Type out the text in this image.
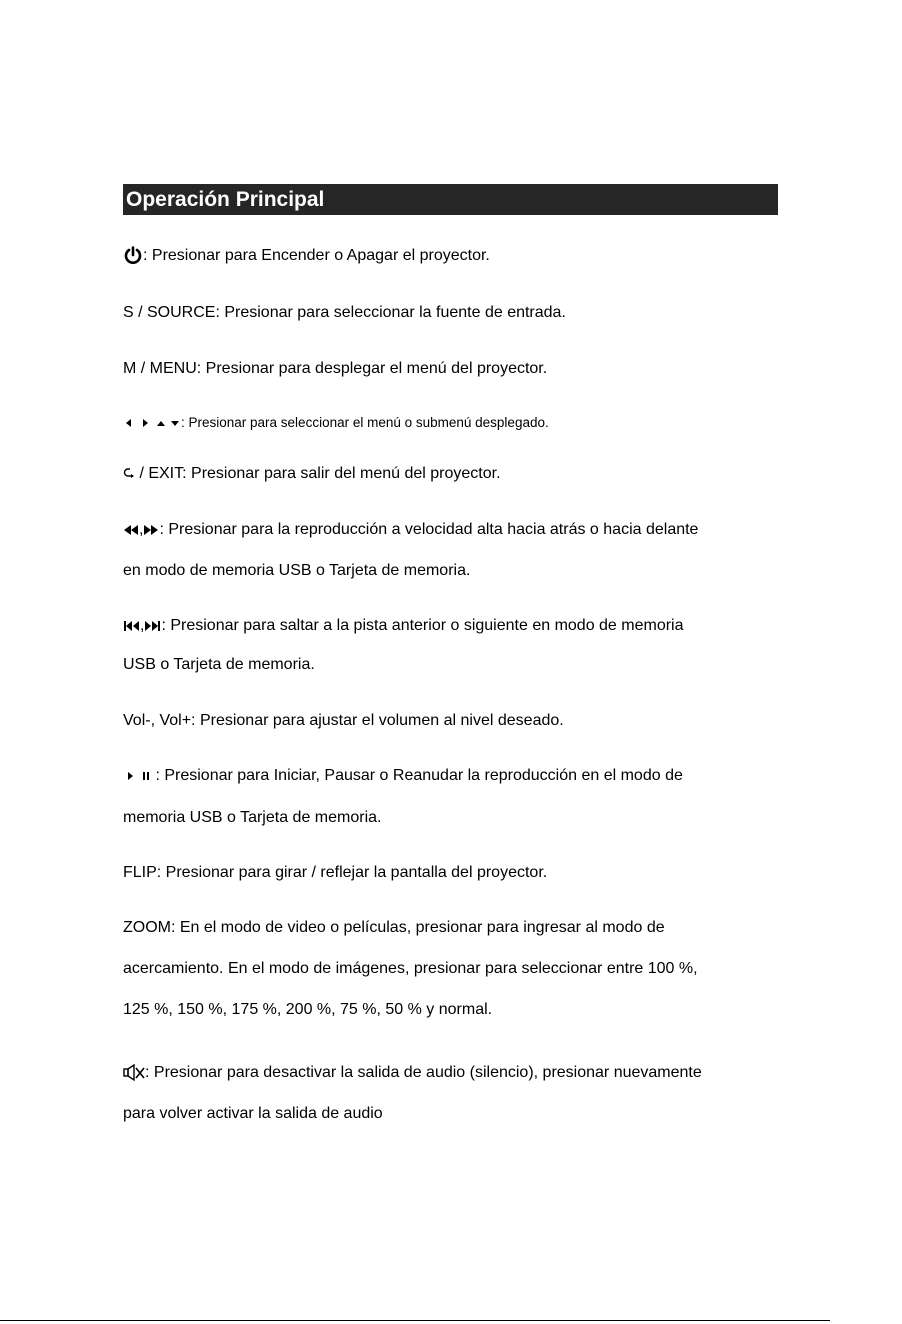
Operación Principal
: Presionar para Encender o Apagar el proyector.
S / SOURCE: Presionar para seleccionar la fuente de entrada.
M / MENU: Presionar para desplegar el menú del proyector.
: Presionar para seleccionar el menú o submenú desplegado.
/ EXIT: Presionar para salir del menú del proyector.
, : Presionar para la reproducción a velocidad alta hacia atrás o hacia delante
en modo de memoria USB o Tarjeta de memoria.
, : Presionar para saltar a la pista anterior o siguiente en modo de memoria
USB o Tarjeta de memoria.
Vol-, Vol+: Presionar para ajustar el volumen al nivel deseado.
: Presionar para Iniciar, Pausar o Reanudar la reproducción en el modo de
memoria USB o Tarjeta de memoria.
FLIP: Presionar para girar / reflejar la pantalla del proyector.
ZOOM: En el modo de video o películas, presionar para ingresar al modo de
acercamiento. En el modo de imágenes, presionar para seleccionar entre 100 %,
125 %, 150 %, 175 %, 200 %, 75 %, 50 % y normal.
: Presionar para desactivar la salida de audio (silencio), presionar nuevamente
para volver activar la salida de audio
